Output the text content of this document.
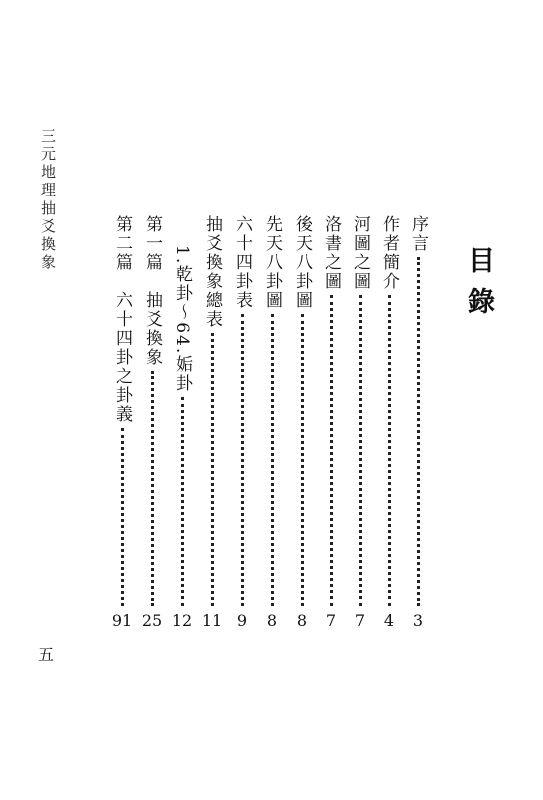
三元地理抽爻換象
目錄
序言
3
作者簡介
4
河圖之圖
7
洛書之圖
7
後天八卦圖
8
先天八卦圖
8
六十四卦表
9
抽爻換象總表
11
1.乾卦～64.姤卦
12
第一篇　抽爻換象
25
第二篇　六十四卦之卦義
91
五
